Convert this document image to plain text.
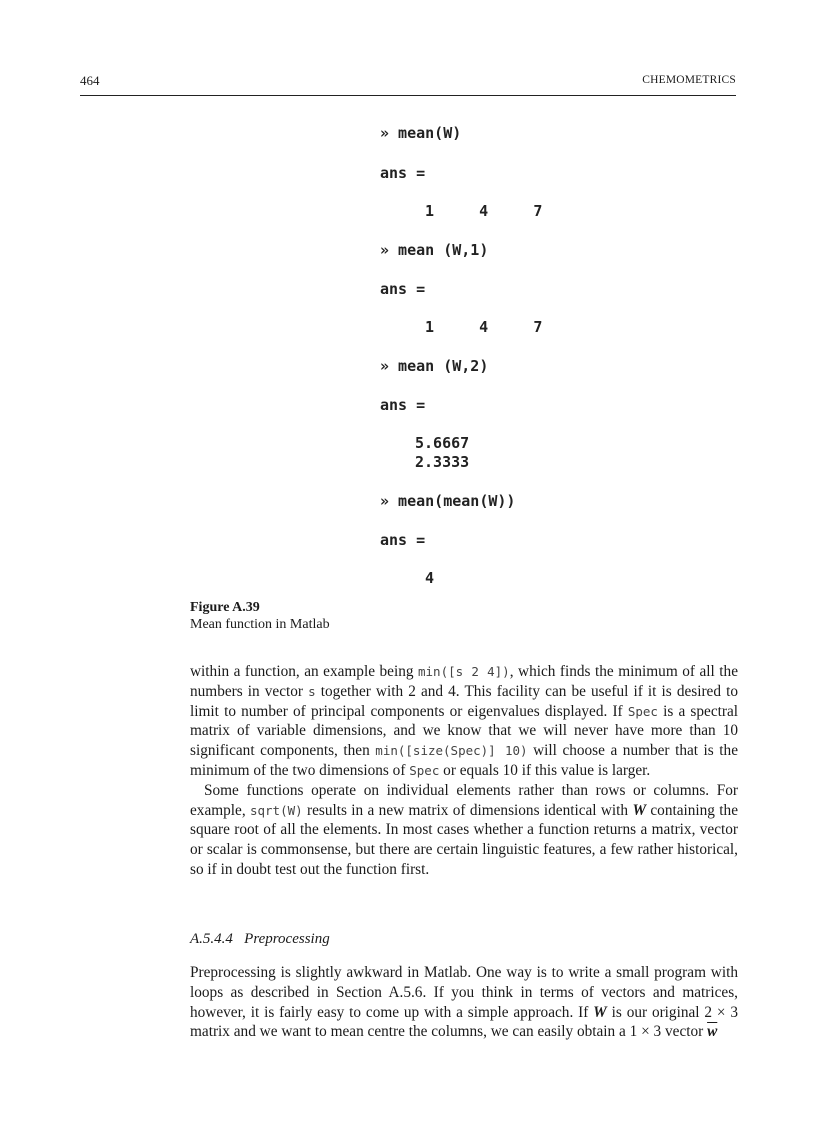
464	CHEMOMETRICS
» mean(W)
ans =
1     4     7
» mean (W,1)
ans =
1     4     7
» mean (W,2)
ans =
5.6667
2.3333
» mean(mean(W))
ans =
4
Figure A.39
Mean function in Matlab

within a function, an example being min([s 2 4]), which finds the minimum of all the numbers in vector s together with 2 and 4. This facility can be useful if it is desired to limit to number of principal components or eigenvalues displayed. If Spec is a spectral matrix of variable dimensions, and we know that we will never have more than 10 significant components, then min([size(Spec)] 10) will choose a number that is the minimum of the two dimensions of Spec or equals 10 if this value is larger.

Some functions operate on individual elements rather than rows or columns. For example, sqrt(W) results in a new matrix of dimensions identical with W containing the square root of all the elements. In most cases whether a function returns a matrix, vector or scalar is commonsense, but there are certain linguistic features, a few rather historical, so if in doubt test out the function first.

A.5.4.4 Preprocessing

Preprocessing is slightly awkward in Matlab. One way is to write a small program with loops as described in Section A.5.6. If you think in terms of vectors and matrices, however, it is fairly easy to come up with a simple approach. If W is our original 2 × 3 matrix and we want to mean centre the columns, we can easily obtain a 1 × 3 vector $\overline{w}$
